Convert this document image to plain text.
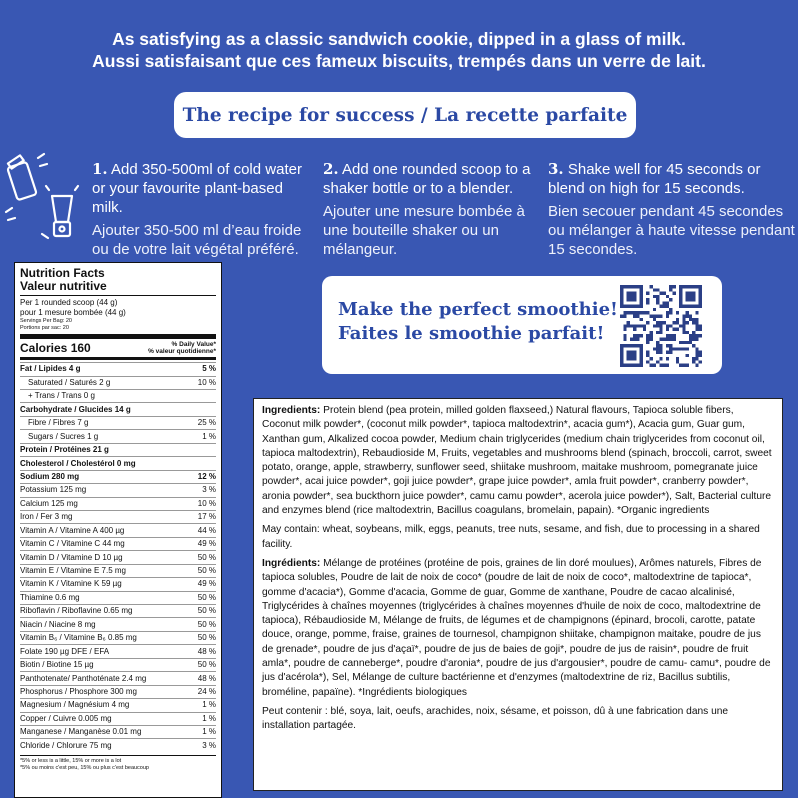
As satisfying as a classic sandwich cookie, dipped in a glass of milk.
Aussi satisfaisant que ces fameux biscuits, trempés dans un verre de lait.
The recipe for success / La recette parfaite
1. Add 350-500ml of cold water or your favourite plant-based milk.
Ajouter 350-500 ml d’eau froide ou de votre lait végétal préféré.
2. Add one rounded scoop to a shaker bottle or to a blender.
Ajouter une mesure bombée à une bouteille shaker ou un mélangeur.
3. Shake well for 45 seconds or blend on high for 15 seconds.
Bien secouer pendant 45 secondes ou mélanger à haute vitesse pendant 15 secondes.
Make the perfect smoothie!
Faites le smoothie parfait!
Nutrition Facts
Valeur nutritive
Per 1 rounded scoop (44 g)
pour 1 mesure bombée (44 g)
Servings Per Bag: 20
Portions par sac: 20
Calories 160	% Daily Value*
% valeur quotidienne*
Fat / Lipides 4 g	5 %
Saturated / Saturés 2 g	10 %
+ Trans / Trans 0 g
Carbohydrate / Glucides 14 g
Fibre / Fibres 7 g	25 %
Sugars / Sucres 1 g	1 %
Protein / Protéines 21 g
Cholesterol / Cholestérol 0 mg
Sodium 280 mg	12 %
Potassium 125 mg	3 %
Calcium 125 mg	10 %
Iron / Fer 3 mg	17 %
Vitamin A / Vitamine A 400 µg	44 %
Vitamin C / Vitamine C 44 mg	49 %
Vitamin D / Vitamine D 10 µg	50 %
Vitamin E / Vitamine E 7.5 mg	50 %
Vitamin K / Vitamine K 59 µg	49 %
Thiamine 0.6 mg	50 %
Riboflavin / Riboflavine 0.65 mg	50 %
Niacin / Niacine 8 mg	50 %
Vitamin B₆ / Vitamine B₆ 0.85 mg	50 %
Folate 190 µg DFE / EFA	48 %
Biotin / Biotine 15 µg	50 %
Panthotenate/ Panthoténate 2.4 mg	48 %
Phosphorus / Phosphore 300 mg	24 %
Magnesium / Magnésium 4 mg	1 %
Copper / Cuivre 0.005 mg	1 %
Manganese / Manganèse 0.01 mg	1 %
Chloride / Chlorure 75 mg	3 %
*5% or less is a little, 15% or more is a lot
*5% ou moins c'est peu, 15% ou plus c'est beaucoup

Ingredients: Protein blend (pea protein, milled golden flaxseed,) Natural flavours, Tapioca soluble fibers, Coconut milk powder*, (coconut milk powder*, tapioca maltodextrin*, acacia gum*), Acacia gum, Guar gum, Xanthan gum, Alkalized cocoa powder, Medium chain triglycerides (medium chain triglycerides from coconut oil, tapioca maltodextrin), Rebaudioside M, Fruits, vegetables and mushrooms blend (spinach, broccoli, carrot, sweet potato, orange, apple, strawberry, sunflower seed, shiitake mushroom, maitake mushroom, pomegranate juice powder*, acai juice powder*, goji juice powder*, grape juice powder*, amla fruit powder*, cranberry powder*, aronia powder*, sea buckthorn juice powder*, camu camu powder*, acerola juice powder*), Salt, Bacterial culture and enzymes blend (rice maltodextrin, Bacillus coagulans, bromelain, papain). *Organic ingredients

May contain: wheat, soybeans, milk, eggs, peanuts, tree nuts, sesame, and fish, due to processing in a shared facility.

Ingrédients: Mélange de protéines (protéine de pois, graines de lin doré moulues), Arômes naturels, Fibres de tapioca solubles, Poudre de lait de noix de coco* (poudre de lait de noix de coco*, maltodextrine de tapioca*, gomme d'acacia*), Gomme d'acacia, Gomme de guar, Gomme de xanthane, Poudre de cacao alcalinisé, Triglycérides à chaînes moyennes (triglycérides à chaînes moyennes d'huile de noix de coco, maltodextrine de tapioca), Rébaudioside M, Mélange de fruits, de légumes et de champignons (épinard, brocoli, carotte, patate douce, orange, pomme, fraise, graines de tournesol, champignon shiitake, champignon maitake, poudre de jus de grenade*, poudre de jus d'açaï*, poudre de jus de baies de goji*, poudre de jus de raisin*, poudre de fruit amla*, poudre de canneberge*, poudre d'aronia*, poudre de jus d'argousier*, poudre de camu- camu*, poudre de jus d'acérola*), Sel, Mélange de culture bactérienne et d'enzymes (maltodextrine de riz, Bacillus subtilis, broméline, papaïne). *Ingrédients biologiques

Peut contenir : blé, soya, lait, oeufs, arachides, noix, sésame, et poisson, dû à une fabrication dans une installation partagée.
